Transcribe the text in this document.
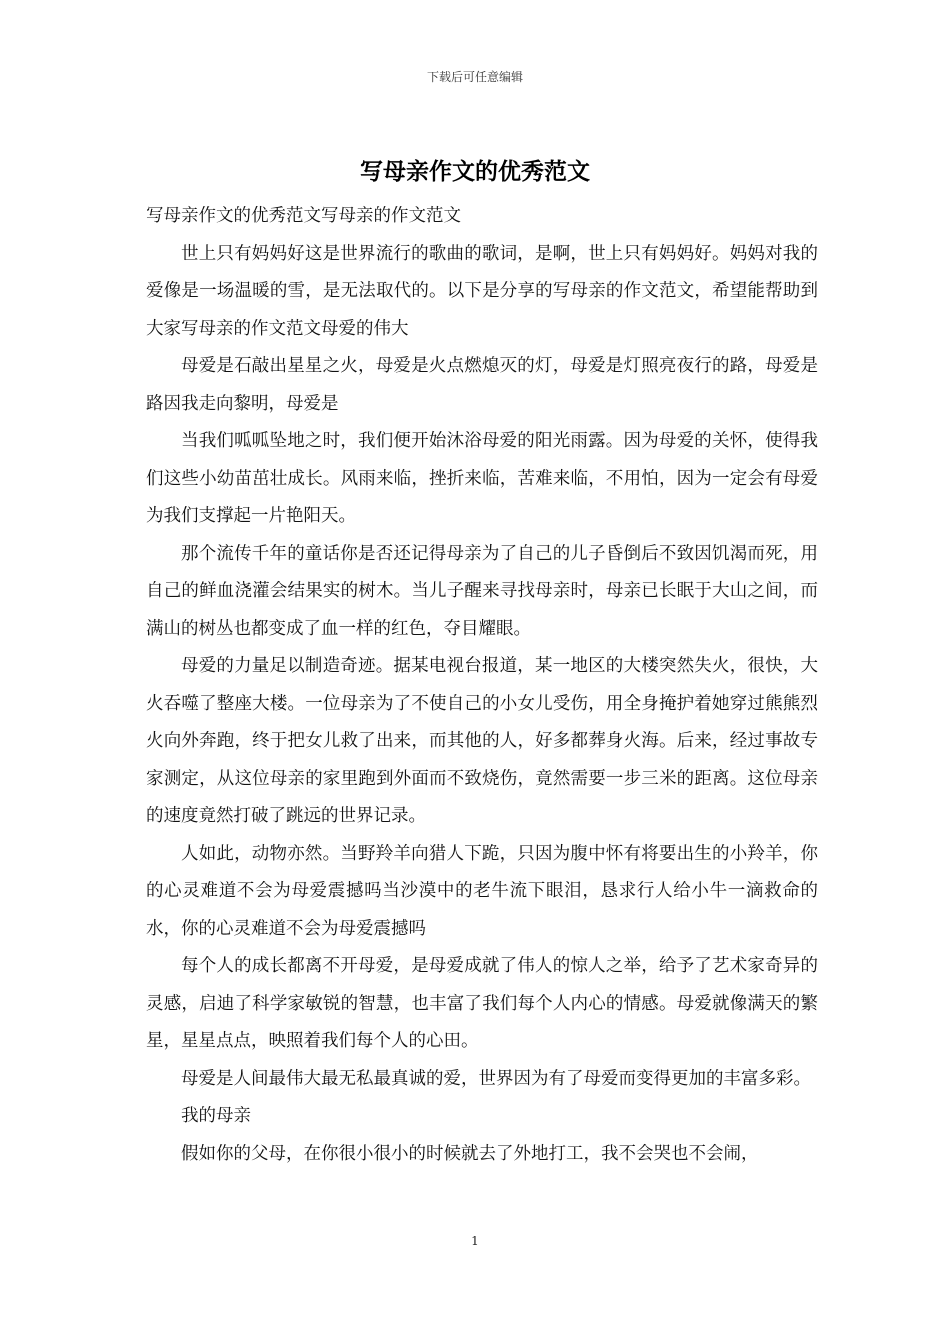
下载后可任意编辑
写母亲作文的优秀范文

写母亲作文的优秀范文写母亲的作文范文

世上只有妈妈好这是世界流行的歌曲的歌词，是啊，世上只有妈妈好。妈妈对我的爱像是一场温暖的雪，是无法取代的。以下是分享的写母亲的作文范文，希望能帮助到大家写母亲的作文范文母爱的伟大

母爱是石敲出星星之火，母爱是火点燃熄灭的灯，母爱是灯照亮夜行的路，母爱是路因我走向黎明，母爱是

当我们呱呱坠地之时，我们便开始沐浴母爱的阳光雨露。因为母爱的关怀，使得我们这些小幼苗茁壮成长。风雨来临，挫折来临，苦难来临，不用怕，因为一定会有母爱为我们支撑起一片艳阳天。

那个流传千年的童话你是否还记得母亲为了自己的儿子昏倒后不致因饥渴而死，用自己的鲜血浇灌会结果实的树木。当儿子醒来寻找母亲时，母亲已长眠于大山之间，而满山的树丛也都变成了血一样的红色，夺目耀眼。

母爱的力量足以制造奇迹。据某电视台报道，某一地区的大楼突然失火，很快，大火吞噬了整座大楼。一位母亲为了不使自己的小女儿受伤，用全身掩护着她穿过熊熊烈火向外奔跑，终于把女儿救了出来，而其他的人，好多都葬身火海。后来，经过事故专家测定，从这位母亲的家里跑到外面而不致烧伤，竟然需要一步三米的距离。这位母亲的速度竟然打破了跳远的世界记录。

人如此，动物亦然。当野羚羊向猎人下跪，只因为腹中怀有将要出生的小羚羊，你的心灵难道不会为母爱震撼吗当沙漠中的老牛流下眼泪，恳求行人给小牛一滴救命的水，你的心灵难道不会为母爱震撼吗

每个人的成长都离不开母爱，是母爱成就了伟人的惊人之举，给予了艺术家奇异的灵感，启迪了科学家敏锐的智慧，也丰富了我们每个人内心的情感。母爱就像满天的繁星，星星点点，映照着我们每个人的心田。

母爱是人间最伟大最无私最真诚的爱，世界因为有了母爱而变得更加的丰富多彩。

我的母亲

假如你的父母，在你很小很小的时候就去了外地打工，我不会哭也不会闹，

1
